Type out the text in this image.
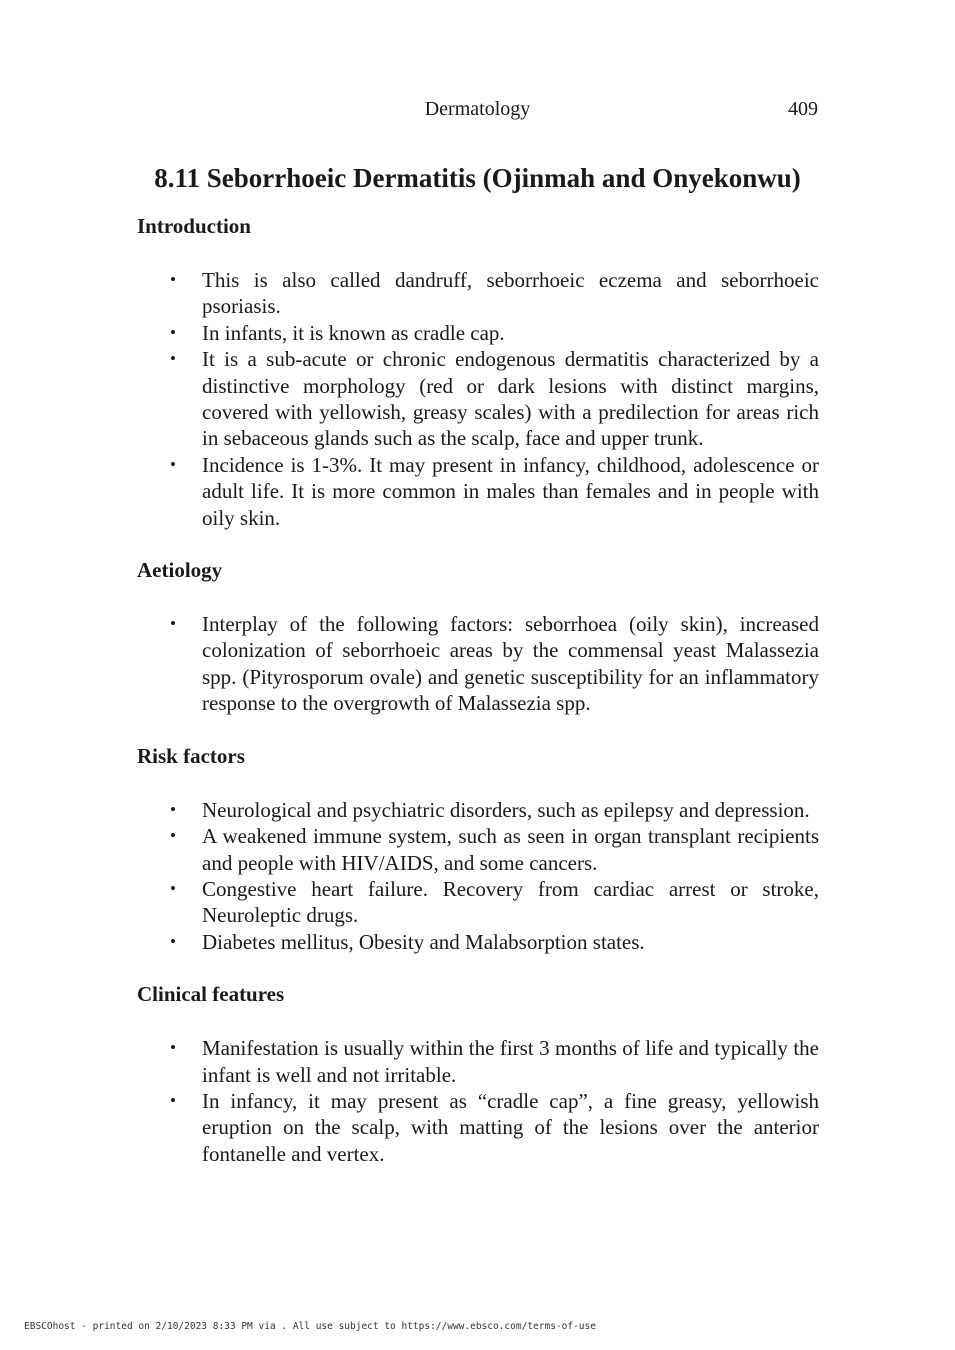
Dermatology	409
8.11 Seborrhoeic Dermatitis (Ojinmah and Onyekonwu)
Introduction
• This is also called dandruff, seborrhoeic eczema and seborrhoeic psoriasis.
• In infants, it is known as cradle cap.
• It is a sub-acute or chronic endogenous dermatitis characterized by a distinctive morphology (red or dark lesions with distinct margins, covered with yellowish, greasy scales) with a predilection for areas rich in sebaceous glands such as the scalp, face and upper trunk.
• Incidence is 1-3%. It may present in infancy, childhood, adolescence or adult life. It is more common in males than females and in people with oily skin.
Aetiology
• Interplay of the following factors: seborrhoea (oily skin), increased colonization of seborrhoeic areas by the commensal yeast Malassezia spp. (Pityrosporum ovale) and genetic susceptibility for an inflammatory response to the overgrowth of Malassezia spp.
Risk factors
• Neurological and psychiatric disorders, such as epilepsy and depression.
• A weakened immune system, such as seen in organ transplant recipients and people with HIV/AIDS, and some cancers.
• Congestive heart failure. Recovery from cardiac arrest or stroke, Neuroleptic drugs.
• Diabetes mellitus, Obesity and Malabsorption states.
Clinical features
• Manifestation is usually within the first 3 months of life and typically the infant is well and not irritable.
• In infancy, it may present as “cradle cap”, a fine greasy, yellowish eruption on the scalp, with matting of the lesions over the anterior fontanelle and vertex.
EBSCOhost - printed on 2/10/2023 8:33 PM via . All use subject to https://www.ebsco.com/terms-of-use
